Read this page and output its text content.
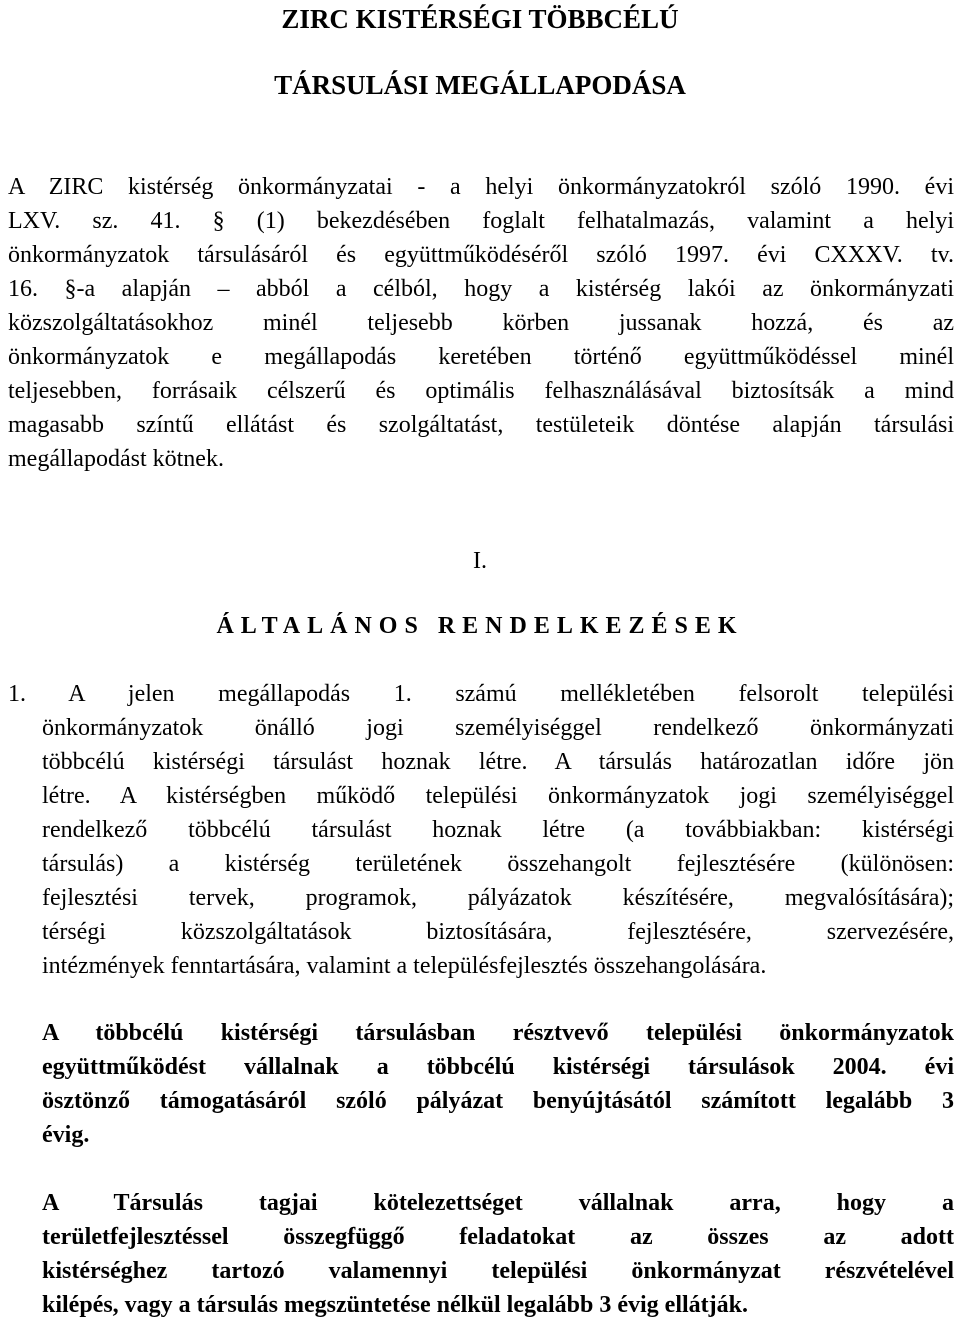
ZIRC KISTÉRSÉGI TÖBBCÉLÚ
TÁRSULÁSI MEGÁLLAPODÁSA
A ZIRC kistérség önkormányzatai - a helyi önkormányzatokról szóló 1990. évi
LXV. sz. 41. § (1) bekezdésében foglalt felhatalmazás, valamint a helyi
önkormányzatok társulásáról és együttműködéséről szóló 1997. évi CXXXV. tv.
16. §-a alapján – abból a célból, hogy a kistérség lakói az önkormányzati
közszolgáltatásokhoz minél teljesebb körben jussanak hozzá, és az
önkormányzatok e megállapodás keretében történő együttműködéssel minél
teljesebben, forrásaik célszerű és optimális felhasználásával biztosítsák a mind
magasabb színtű ellátást és szolgáltatást, testületeik döntése alapján társulási
megállapodást kötnek.

I.

ÁLTALÁNOS RENDELKEZÉSEK

1. A jelen megállapodás 1. számú mellékletében felsorolt települési
önkormányzatok önálló jogi személyiséggel rendelkező önkormányzati
többcélú kistérségi társulást hoznak létre. A társulás határozatlan időre jön
létre. A kistérségben működő települési önkormányzatok jogi személyiséggel
rendelkező többcélú társulást hoznak létre (a továbbiakban: kistérségi
társulás) a kistérség területének összehangolt fejlesztésére (különösen:
fejlesztési tervek, programok, pályázatok készítésére, megvalósítására);
térségi közszolgáltatások biztosítására, fejlesztésére, szervezésére,
intézmények fenntartására, valamint a településfejlesztés összehangolására.
A többcélú kistérségi társulásban résztvevő települési önkormányzatok
együttműködést vállalnak a többcélú kistérségi társulások 2004. évi
ösztönző támogatásáról szóló pályázat benyújtásától számított legalább 3
évig.
A Társulás tagjai kötelezettséget vállalnak arra, hogy a
területfejlesztéssel összegfüggő feladatokat az összes az adott
kistérséghez tartozó valamennyi települési önkormányzat részvételével
kilépés, vagy a társulás megszüntetése nélkül legalább 3 évig ellátják.
